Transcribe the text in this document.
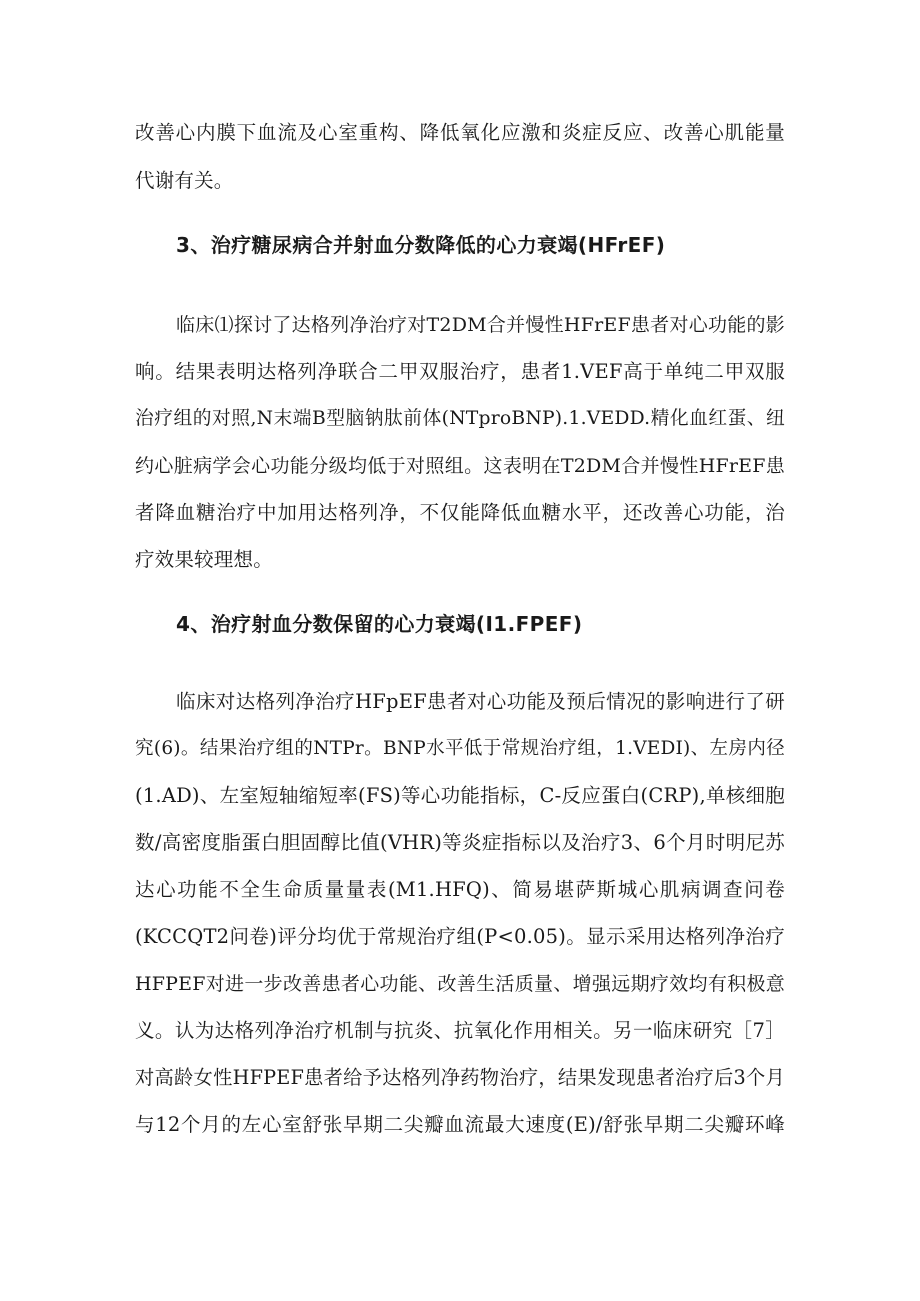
改善心内膜下血流及心室重构、降低氧化应激和炎症反应、改善心肌能量
代谢有关。
3、治疗糖尿病合并射血分数降低的心力衰竭(HFrEF)
临床⑴探讨了达格列净治疗对T2DM合并慢性HFrEF患者对心功能的影
响。结果表明达格列净联合二甲双服治疗，患者1.VEF高于单纯二甲双服
治疗组的对照,N末端B型脑钠肽前体(NTproBNP).1.VEDD.精化血红蛋、纽
约心脏病学会心功能分级均低于对照组。这表明在T2DM合并慢性HFrEF患
者降血糖治疗中加用达格列净，不仅能降低血糖水平，还改善心功能，治
疗效果较理想。
4、治疗射血分数保留的心力衰竭(I1.FPEF)
临床对达格列净治疗HFpEF患者对心功能及预后情况的影响进行了研
究(6)。结果治疗组的NTPr。BNP水平低于常规治疗组，1.VEDI)、左房内径
(1.AD)、左室短轴缩短率(FS)等心功能指标，C-反应蛋白(CRP),单核细胞
数/高密度脂蛋白胆固醇比值(VHR)等炎症指标以及治疗3、6个月时明尼苏
达心功能不全生命质量量表(M1.HFQ)、简易堪萨斯城心肌病调查问卷
(KCCQT2问卷)评分均优于常规治疗组(P<0.05)。显示采用达格列净治疗
HFPEF对进一步改善患者心功能、改善生活质量、增强远期疗效均有积极意
义。认为达格列净治疗机制与抗炎、抗氧化作用相关。另一临床研究［7］
对高龄女性HFPEF患者给予达格列净药物治疗，结果发现患者治疗后3个月
与12个月的左心室舒张早期二尖瓣血流最大速度(E)/舒张早期二尖瓣环峰
